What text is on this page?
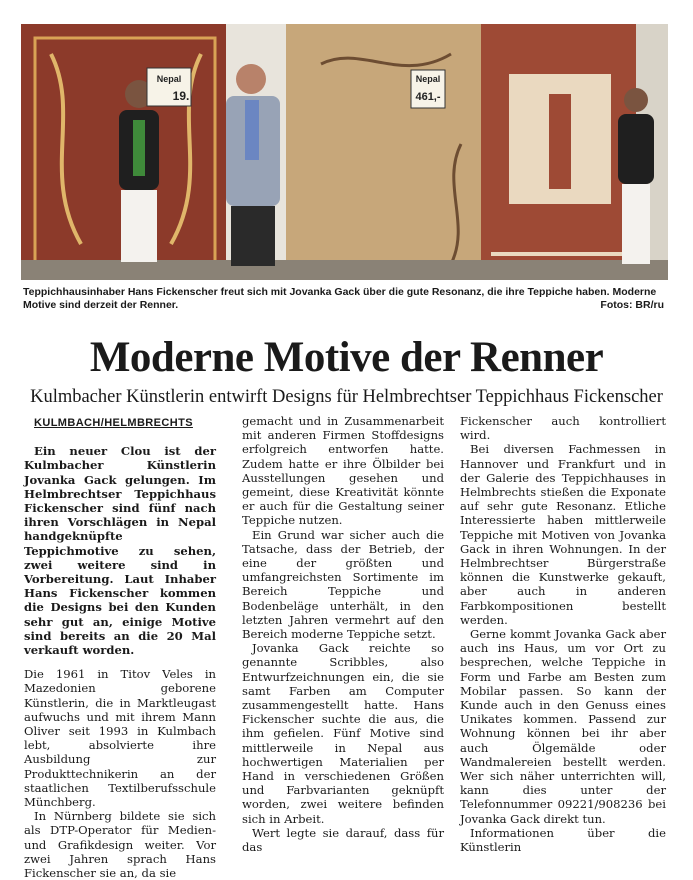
Nepal
19.
Nepal
461,-
Teppichhausinhaber Hans Fickenscher freut sich mit Jovanka Gack über die gute Resonanz, die ihre Teppiche haben. Moderne Motive sind derzeit der Renner.	Fotos: BR/ru
Moderne Motive der Renner
Kulmbacher Künstlerin entwirft Designs für Helmbrechtser Teppichhaus Fickenscher
KULMBACH/HELMBRECHTS

Ein neuer Clou ist der Kulmbacher Künstlerin Jovanka Gack gelungen. Im Helmbrechtser Teppichhaus Fickenscher sind fünf nach ihren Vorschlägen in Nepal handgeknüpfte Teppichmotive zu sehen, zwei weitere sind in Vorbereitung. Laut Inhaber Hans Fickenscher kommen die Designs bei den Kunden sehr gut an, einige Motive sind bereits an die 20 Mal verkauft worden.

Die 1961 in Titov Veles in Mazedonien geborene Künstlerin, die in Marktleugast aufwuchs und mit ihrem Mann Oliver seit 1993 in Kulmbach lebt, absolvierte ihre Ausbildung zur Produkttechnikerin an der staatlichen Textilberufsschule Münchberg.

In Nürnberg bildete sie sich als DTP-Operator für Medien- und Grafikdesign weiter. Vor zwei Jahren sprach Hans Fickenscher sie an, da sie

gemacht und in Zusammenarbeit mit anderen Firmen Stoffdesigns erfolgreich entworfen hatte. Zudem hatte er ihre Ölbilder bei Ausstellungen gesehen und gemeint, diese Kreativität könnte er auch für die Gestaltung seiner Teppiche nutzen.

Ein Grund war sicher auch die Tatsache, dass der Betrieb, der eine der größten und umfangreichsten Sortimente im Bereich Teppiche und Bodenbeläge unterhält, in den letzten Jahren vermehrt auf den Bereich moderne Teppiche setzt.

Jovanka Gack reichte so genannte Scribbles, also Entwurfzeichnungen ein, die sie samt Farben am Computer zusammengestellt hatte. Hans Fickenscher suchte die aus, die ihm gefielen. Fünf Motive sind mittlerweile in Nepal aus hochwertigen Materialien per Hand in verschiedenen Größen und Farbvarianten geknüpft worden, zwei weitere befinden sich in Arbeit.

Wert legte sie darauf, dass für das

Fickenscher auch kontrolliert wird.

Bei diversen Fachmessen in Hannover und Frankfurt und in der Galerie des Teppichhauses in Helmbrechts stießen die Exponate auf sehr gute Resonanz. Etliche Interessierte haben mittlerweile Teppiche mit Motiven von Jovanka Gack in ihren Wohnungen. In der Helmbrechtser Bürgerstraße können die Kunstwerke gekauft, aber auch in anderen Farbkompositionen bestellt werden.

Gerne kommt Jovanka Gack aber auch ins Haus, um vor Ort zu besprechen, welche Teppiche in Form und Farbe am Besten zum Mobilar passen. So kann der Kunde auch in den Genuss eines Unikates kommen. Passend zur Wohnung können bei ihr aber auch Ölgemälde oder Wandmalereien bestellt werden. Wer sich näher unterrichten will, kann dies unter der Telefonnummer 09221/908236 bei Jovanka Gack direkt tun.

Informationen über die Künstlerin
